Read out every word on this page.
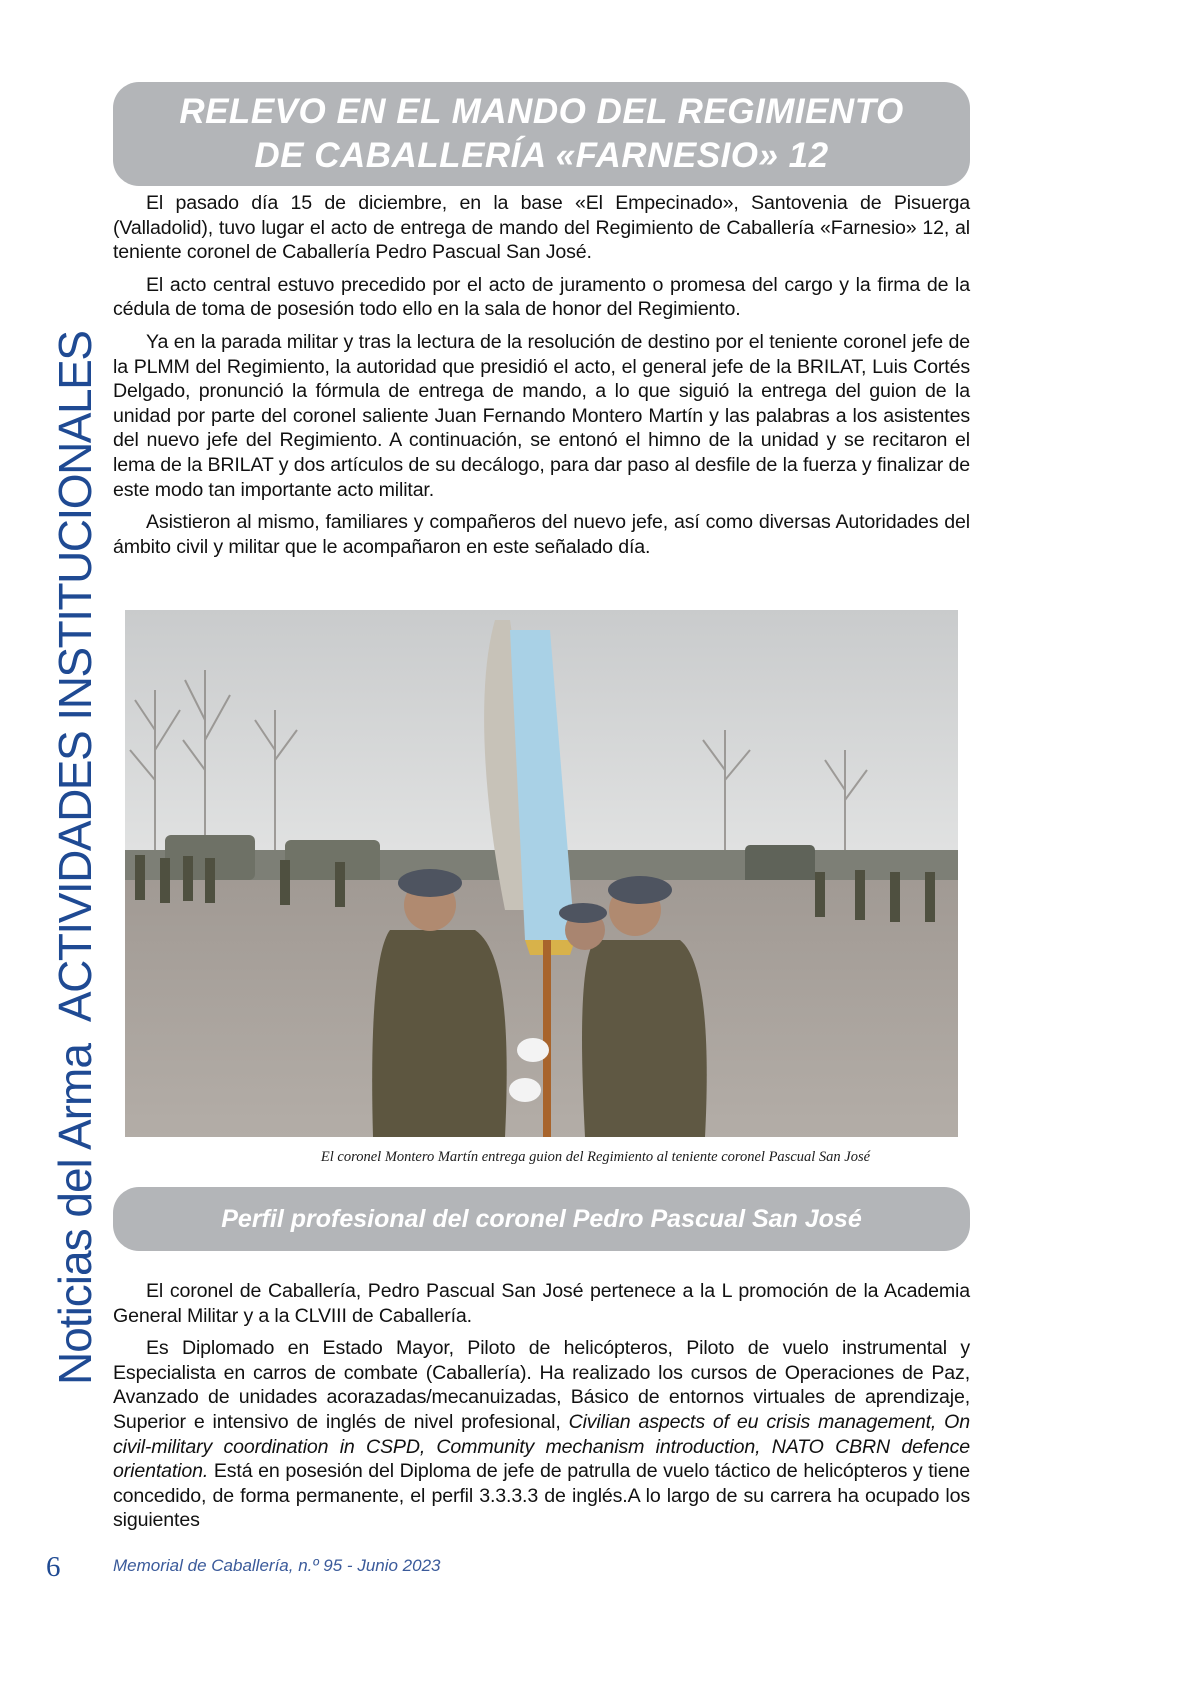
RELEVO EN EL MANDO DEL REGIMIENTO
DE CABALLERÍA «FARNESIO» 12

El pasado día 15 de diciembre, en la base «El Empecinado», Santovenia de Pisuerga (Valladolid), tuvo lugar el acto de entrega de mando del Regimiento de Caballería «Farnesio» 12, al teniente coronel de Caballería Pedro Pascual San José.

El acto central estuvo precedido por el acto de juramento o promesa del cargo y la firma de la cédula de toma de posesión todo ello en la sala de honor del Regimiento.

Ya en la parada militar y tras la lectura de la resolución de destino por el teniente coronel jefe de la PLMM del Regimiento, la autoridad que presidió el acto, el general jefe de la BRILAT, Luis Cortés Delgado, pronunció la fórmula de entrega de mando, a lo que siguió la entrega del guion de la unidad por parte del coronel saliente Juan Fernando Montero Martín y las palabras a los asistentes del nuevo jefe del Regimiento. A continuación, se entonó el himno de la unidad y se recitaron el lema de la BRILAT y dos artículos de su decálogo, para dar paso al desfile de la fuerza y finalizar de este modo tan importante acto militar.

Asistieron al mismo, familiares y compañeros del nuevo jefe, así como diversas Autoridades del ámbito civil y militar que le acompañaron en este señalado día.

El coronel Montero Martín entrega guion del Regimiento al teniente coronel Pascual San José
Perfil profesional del coronel Pedro Pascual San José

El coronel de Caballería, Pedro Pascual San José pertenece a la L promoción de la Academia General Militar y a la CLVIII de Caballería.

Es Diplomado en Estado Mayor, Piloto de helicópteros, Piloto de vuelo instrumental y Especialista en carros de combate (Caballería). Ha realizado los cursos de Operaciones de Paz, Avanzado de unidades acorazadas/mecanuizadas, Básico de entornos virtuales de aprendizaje, Superior e intensivo de inglés de nivel profesional, Civilian aspects of eu crisis management, On civil-military coordination in CSPD, Community mechanism introduction, NATO CBRN defence orientation. Está en posesión del Diploma de jefe de patrulla de vuelo táctico de helicópteros y tiene concedido, de forma permanente, el perfil 3.3.3.3 de inglés.A lo largo de su carrera ha ocupado los siguientes

Noticias del ArmaACTIVIDADES INSTITUCIONALES
6	Memorial de Caballería, n.º 95 - Junio 2023
